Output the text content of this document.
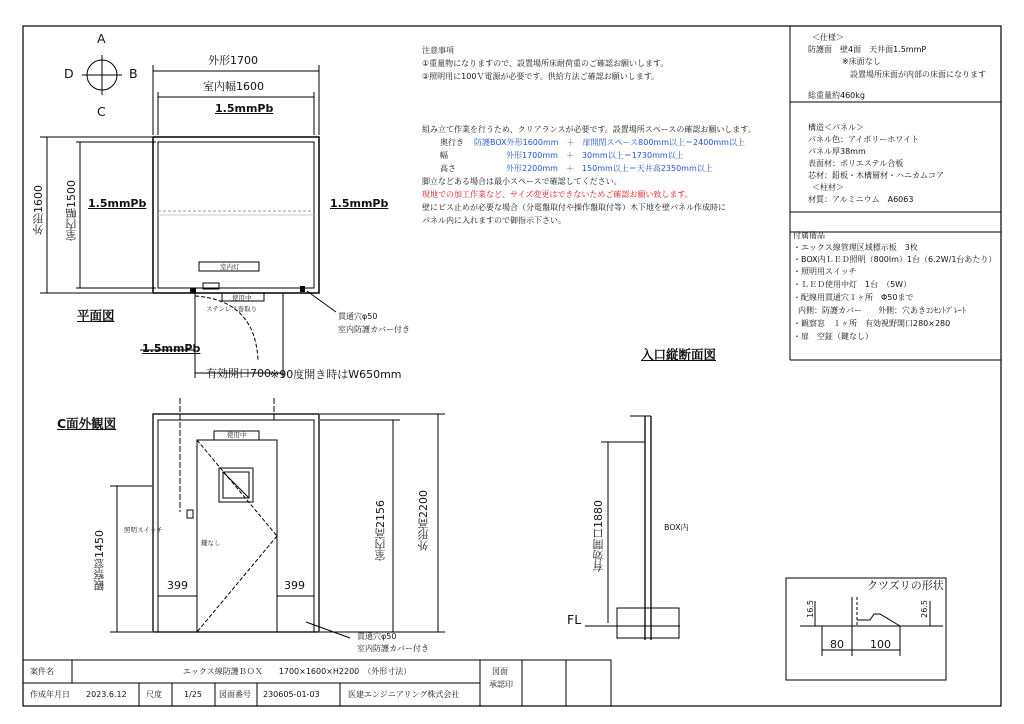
A
B
C
D
外形1700
室内幅1600
1.5mmPb
外形1600 室内幅1500 1.5mmPb	1.5mmPb
1.5mmPb
室内灯
使用中
ステンレス巻取り
貫通穴φ50
室内防護カバー付き
有効開口700 ※90度開き時はW650mm
平面図
注意事項
①重量物になりますので、設置場所床耐荷重のご確認お願いします。
②照明用に100Ｖ電源が必要です。供給方法ご確認お願いします。
組み立て作業を行うため、クリアランスが必要です。設置場所スペースの確認お願いします。
奥行き 防護BOX外形1600mm　＋　扉開閉スペース800mm以上＝2400mm以上
幅	外形1700mm　＋　30mm以上＝1730mm以上
高さ	外形2200mm　＋　150mm以上＝天井高2350mm以上
脚立などある場合は最小スペースで確認してください。
現地での加工作業など、サイズ変更はできないためご確認お願い致します。
壁にビス止めが必要な場合（分電盤取付や操作盤取付等）木下地を壁パネル作成時に
パネル内に入れますので御指示下さい。
＜仕様＞
防護面　壁4面　天井面1.5mmP
※床面なし
設置場所床面が内部の床面になります
総重量約460kg
構造＜パネル＞
パネル色：アイボリーホワイト
パネル厚38mm
表面材：ポリエステル合板
芯材：鉛板・木構層材・ハニカムコア
＜柱材＞
材質：アルミニウム　A6063
付属備品
・エックス線管理区域標示板　3枚
・BOX内ＬＥＤ照明（800lm）1台（6.2W/1台あたり）
・照明用スイッチ
・ＬＥＤ使用中灯　1台　（5W）
・配線用貫通穴１ヶ所　Φ50まで
内側：防護カバー　　外側：穴あきｺﾝｾﾝﾄﾌﾟﾚｰﾄ
・観察窓　１ヶ所　有効視野開口280×280
・扉　空鉦（鍵なし）
C面外観図
使用中
照明スイッチ
鍵なし
観察窓1450	399	399
室内高2156	外形高2200
貫通穴φ50
室内防護カバー付き
入口縦断面図
有効開口1880	BOX内
FL
クツズリの形状
16.5	26.5
80 100
案件名	エックス線防護ＢＯＸ　　1700×1600×H2200　（外形寸法）
作成年月日 2023.6.12 尺度	1/25 図面番号 230605-01-03	医建エンジニアリング株式会社
図面
承認印
